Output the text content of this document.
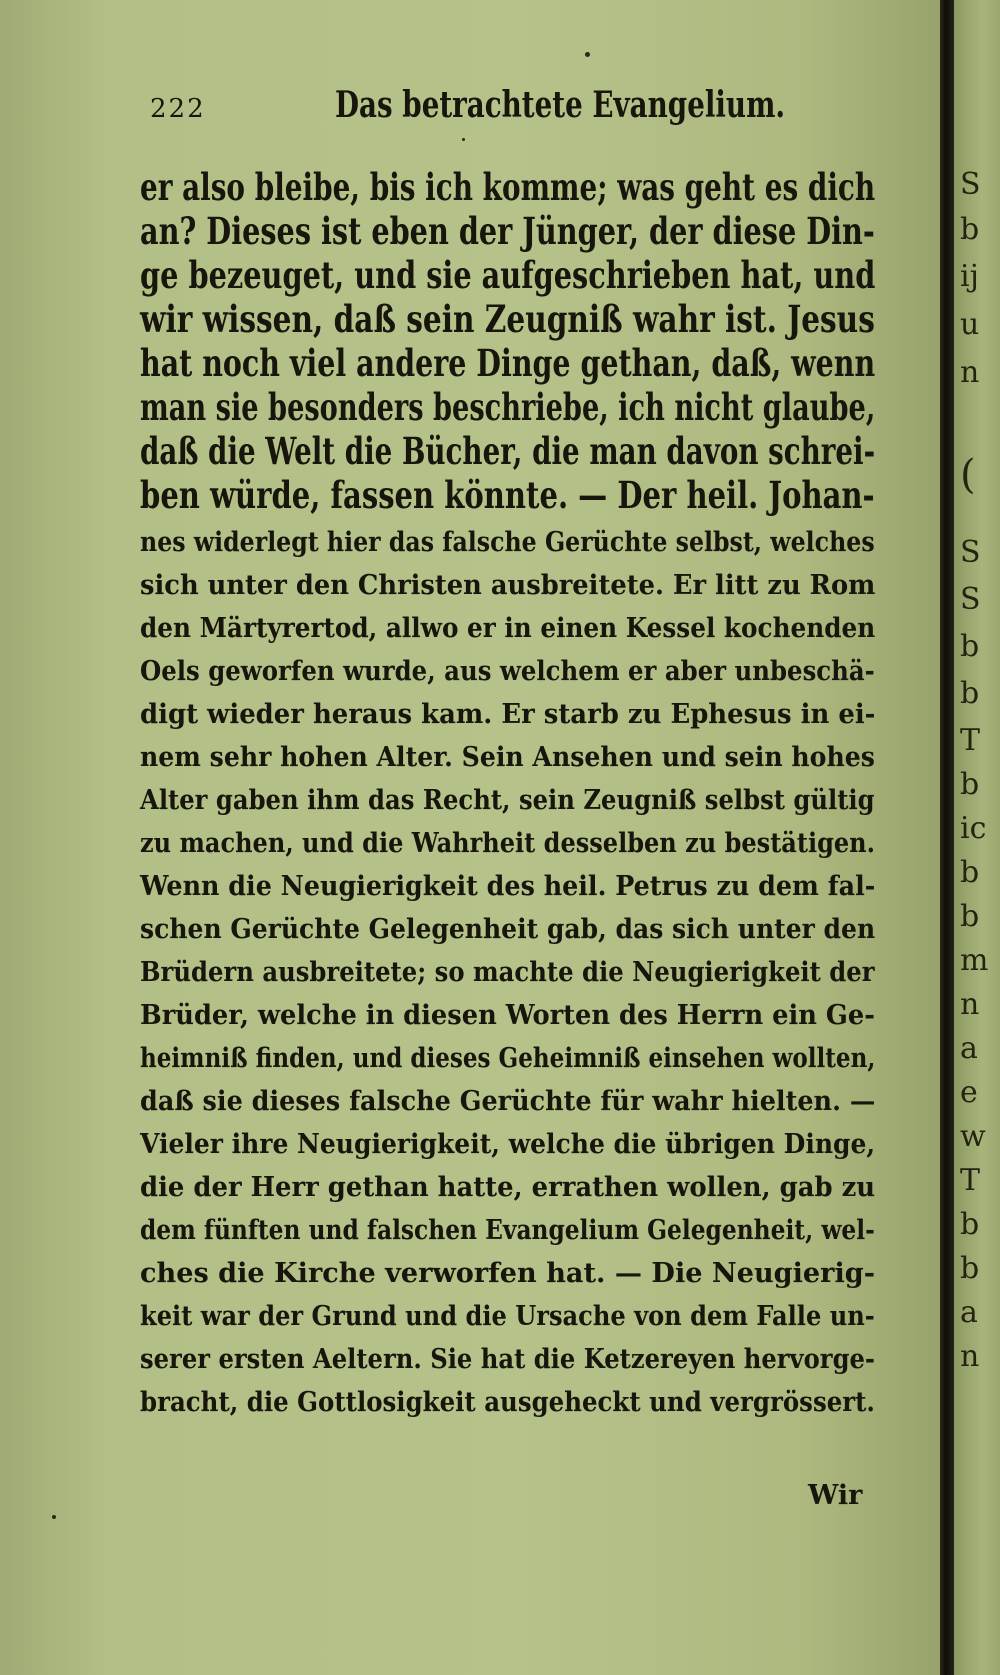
222	Das betrachtete Evangelium.
er also bleibe, bis ich komme; was geht es dich
an? Dieses ist eben der Jünger, der diese Din-
ge bezeuget, und sie aufgeschrieben hat, und
wir wissen, daß sein Zeugniß wahr ist. Jesus
hat noch viel andere Dinge gethan, daß, wenn
man sie besonders beschriebe, ich nicht glaube,
daß die Welt die Bücher, die man davon schrei-
ben würde, fassen könnte. — Der heil. Johan-
nes widerlegt hier das falsche Gerüchte selbst, welches
sich unter den Christen ausbreitete. Er litt zu Rom
den Märtyrertod, allwo er in einen Kessel kochenden
Oels geworfen wurde, aus welchem er aber unbeschä-
digt wieder heraus kam. Er starb zu Ephesus in ei-
nem sehr hohen Alter. Sein Ansehen und sein hohes
Alter gaben ihm das Recht, sein Zeugniß selbst gültig
zu machen, und die Wahrheit desselben zu bestätigen.
Wenn die Neugierigkeit des heil. Petrus zu dem fal-
schen Gerüchte Gelegenheit gab, das sich unter den
Brüdern ausbreitete; so machte die Neugierigkeit der
Brüder, welche in diesen Worten des Herrn ein Ge-
heimniß finden, und dieses Geheimniß einsehen wollten,
daß sie dieses falsche Gerüchte für wahr hielten. —
Vieler ihre Neugierigkeit, welche die übrigen Dinge,
die der Herr gethan hatte, errathen wollen, gab zu
dem fünften und falschen Evangelium Gelegenheit, wel-
ches die Kirche verworfen hat. — Die Neugierig-
keit war der Grund und die Ursache von dem Falle un-
serer ersten Aeltern. Sie hat die Ketzereyen hervorge-
bracht, die Gottlosigkeit ausgeheckt und vergrössert.
Wir
S
b
ij
u
n
(
S
S
b
b
T
b
ic
b
b
m
n
a
e
w
T
b
b
a
n
